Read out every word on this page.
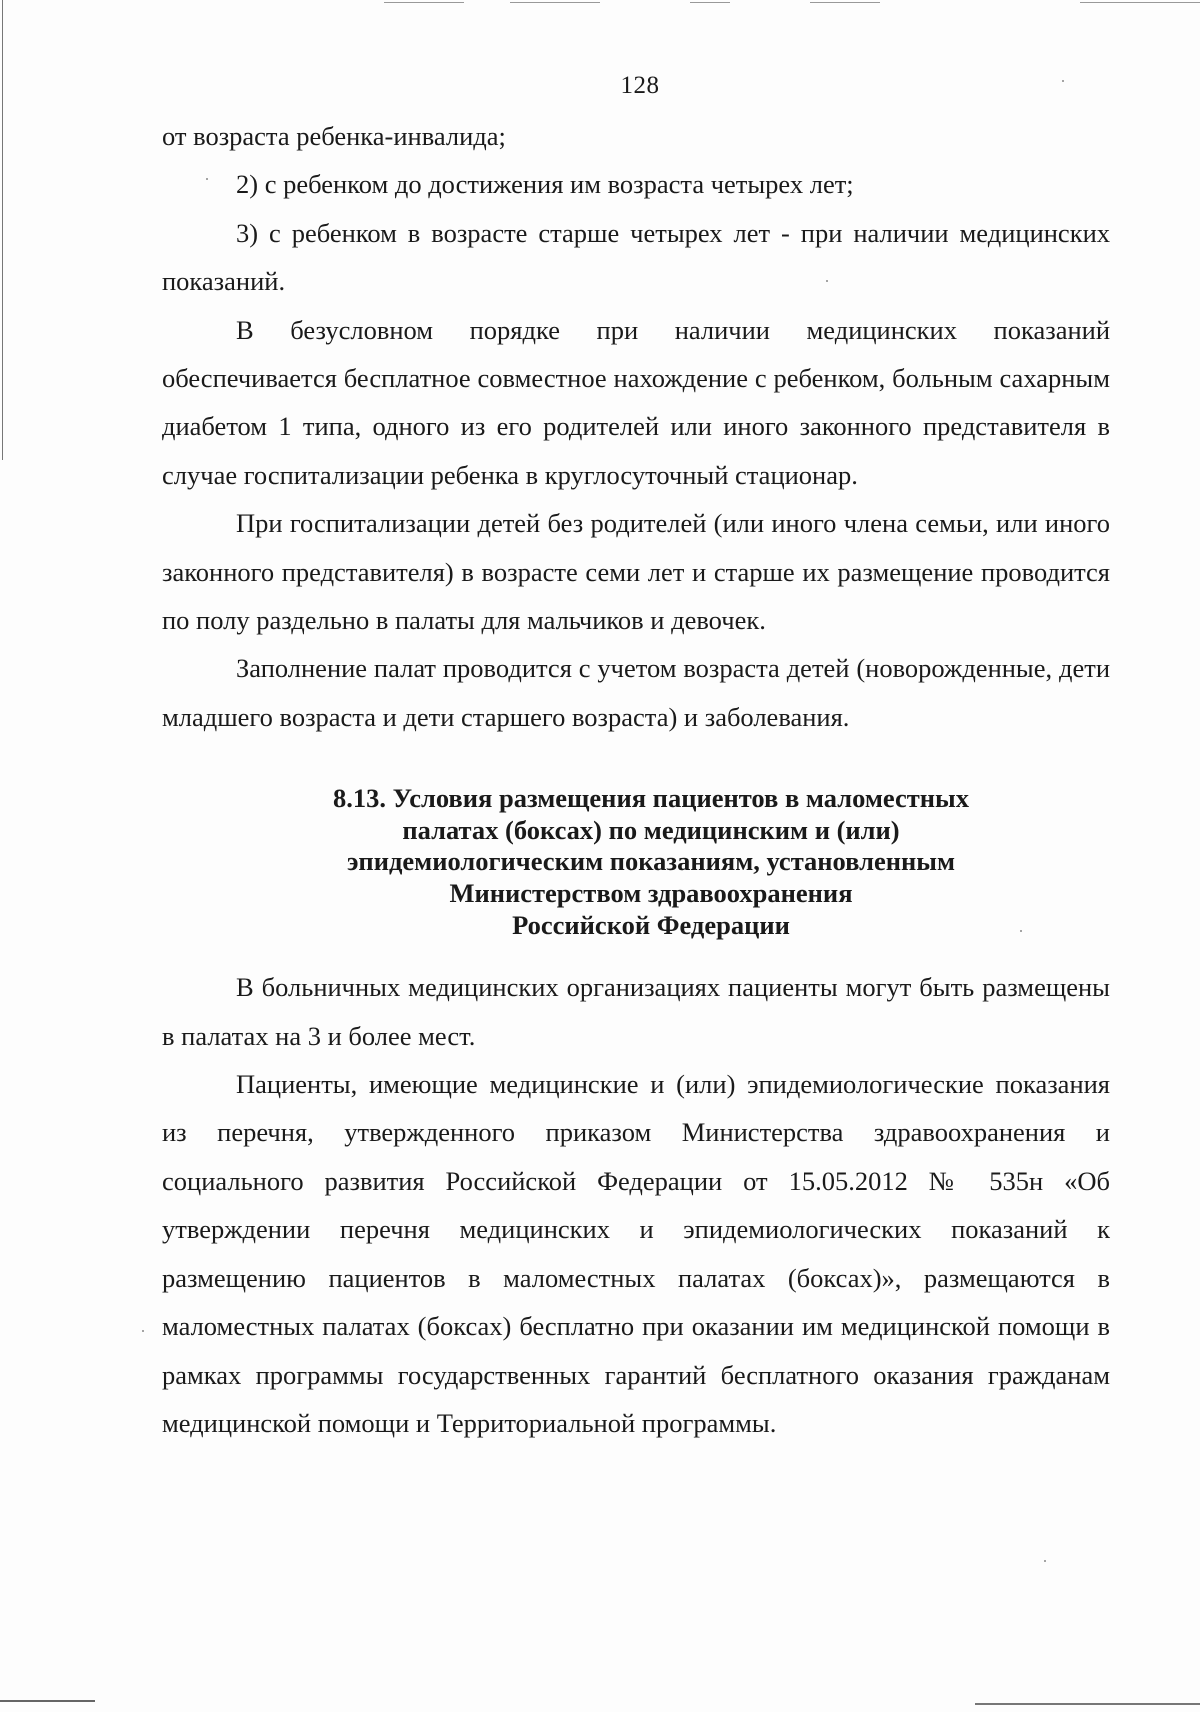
128

от возраста ребенка-инвалида;

2) с ребенком до достижения им возраста четырех лет;

3) с ребенком в возрасте старше четырех лет - при наличии медицинских показаний.

В безусловном порядке при наличии медицинских показаний обеспечивается бесплатное совместное нахождение с ребенком, больным сахарным диабетом 1 типа, одного из его родителей или иного законного представителя в случае госпитализации ребенка в круглосуточный стационар.

При госпитализации детей без родителей (или иного члена семьи, или иного законного представителя) в возрасте семи лет и старше их размещение проводится по полу раздельно в палаты для мальчиков и девочек.

Заполнение палат проводится с учетом возраста детей (новорожденные, дети младшего возраста и дети старшего возраста) и заболевания.

8.13. Условия размещения пациентов в маломестных
палатах (боксах) по медицинским и (или)
эпидемиологическим показаниям, установленным
Министерством здравоохранения
Российской Федерации

В больничных медицинских организациях пациенты могут быть размещены в палатах на 3 и более мест.

Пациенты, имеющие медицинские и (или) эпидемиологические показания из перечня, утвержденного приказом Министерства здравоохранения и социального развития Российской Федерации от 15.05.2012 № 535н «Об утверждении перечня медицинских и эпидемиологических показаний к размещению пациентов в маломестных палатах (боксах)», размещаются в маломестных палатах (боксах) бесплатно при оказании им медицинской помощи в рамках программы государственных гарантий бесплатного оказания гражданам медицинской помощи и Территориальной программы.
